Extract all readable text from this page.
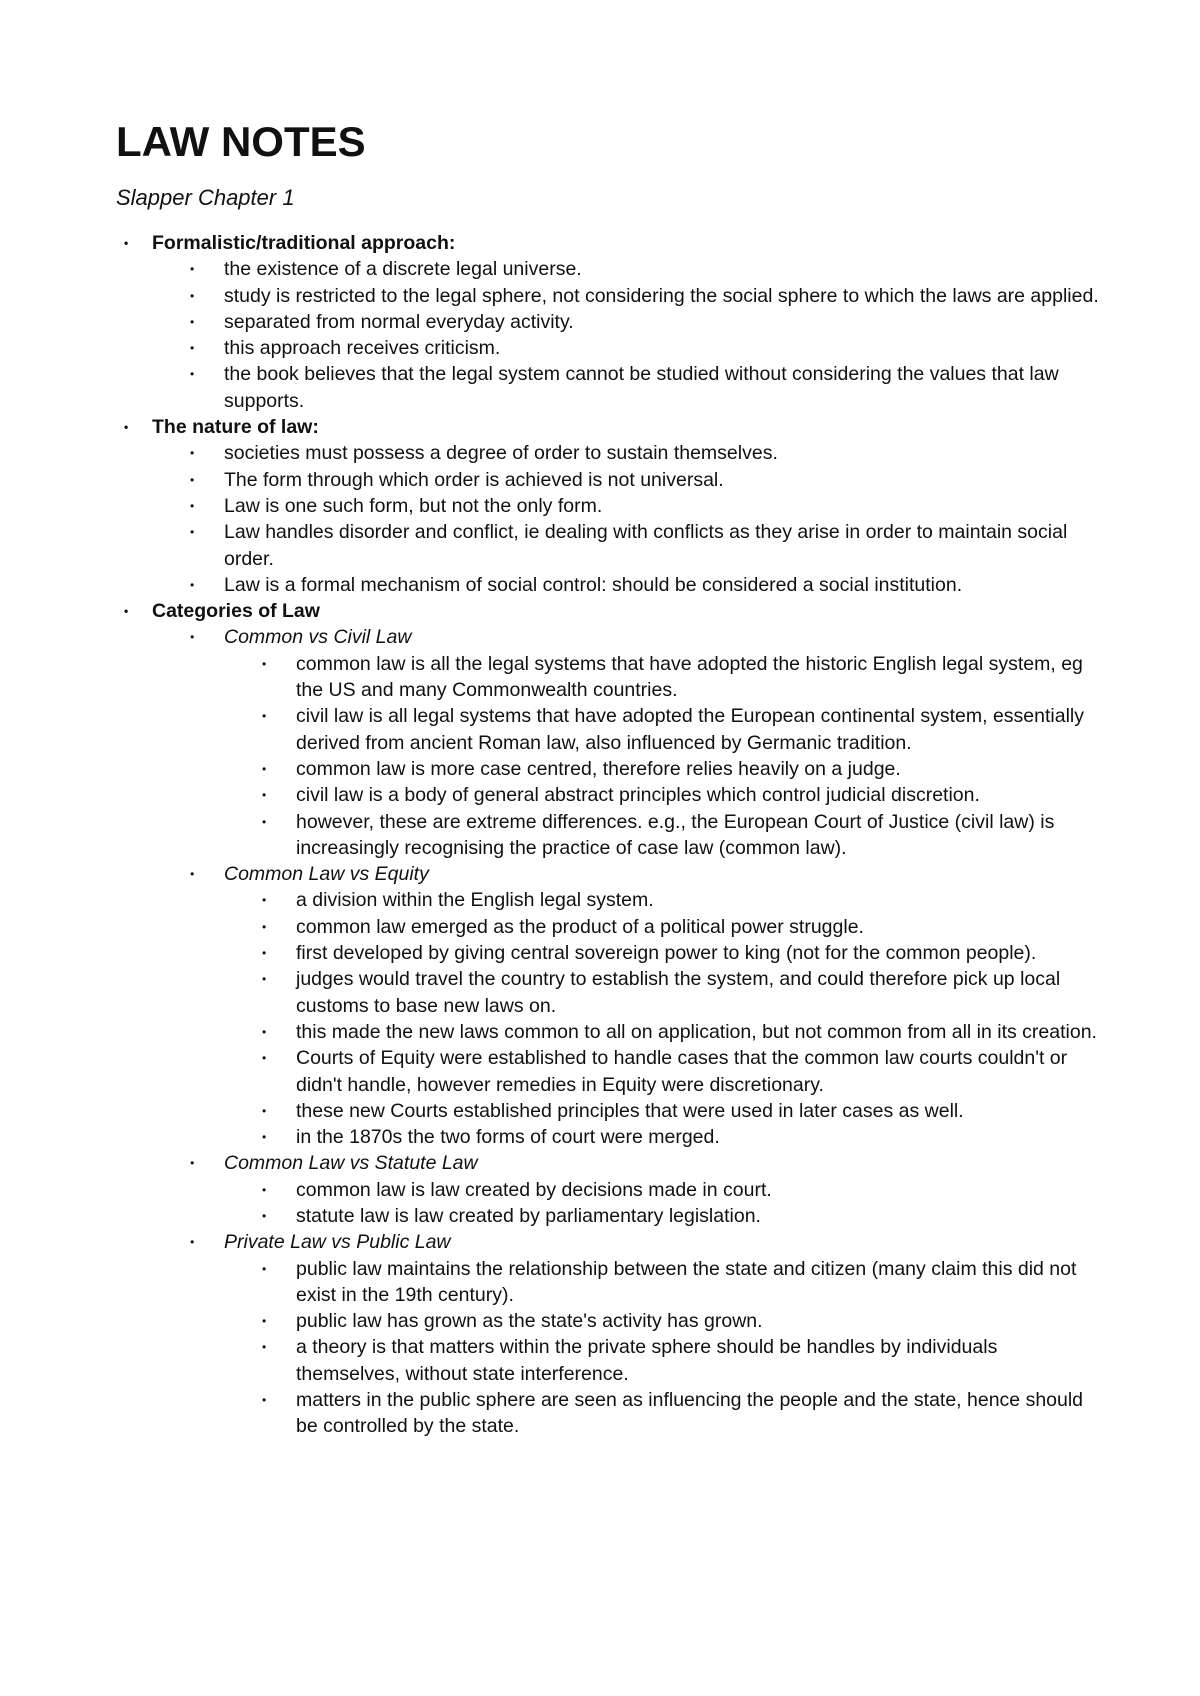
LAW NOTES
Slapper Chapter 1
• Formalistic/traditional approach:
• the existence of a discrete legal universe.
• study is restricted to the legal sphere, not considering the social sphere to which the laws are applied.
• separated from normal everyday activity.
• this approach receives criticism.
• the book believes that the legal system cannot be studied without considering the values that law supports.
• The nature of law:
• societies must possess a degree of order to sustain themselves.
• The form through which order is achieved is not universal.
• Law is one such form, but not the only form.
• Law handles disorder and conflict, ie dealing with conflicts as they arise in order to maintain social order.
• Law is a formal mechanism of social control: should be considered a social institution.
• Categories of Law
• Common vs Civil Law
• common law is all the legal systems that have adopted the historic English legal system, eg the US and many Commonwealth countries.
• civil law is all legal systems that have adopted the European continental system, essentially derived from ancient Roman law, also influenced by Germanic tradition.
• common law is more case centred, therefore relies heavily on a judge.
• civil law is a body of general abstract principles which control judicial discretion.
• however, these are extreme differences. e.g., the European Court of Justice (civil law) is increasingly recognising the practice of case law (common law).
• Common Law vs Equity
• a division within the English legal system.
• common law emerged as the product of a political power struggle.
• first developed by giving central sovereign power to king (not for the common people).
• judges would travel the country to establish the system, and could therefore pick up local customs to base new laws on.
• this made the new laws common to all on application, but not common from all in its creation.
• Courts of Equity were established to handle cases that the common law courts couldn't or didn't handle, however remedies in Equity were discretionary.
• these new Courts established principles that were used in later cases as well.
• in the 1870s the two forms of court were merged.
• Common Law vs Statute Law
• common law is law created by decisions made in court.
• statute law is law created by parliamentary legislation.
• Private Law vs Public Law
• public law maintains the relationship between the state and citizen (many claim this did not exist in the 19th century).
• public law has grown as the state's activity has grown.
• a theory is that matters within the private sphere should be handles by individuals themselves, without state interference.
• matters in the public sphere are seen as influencing the people and the state, hence should be controlled by the state.
